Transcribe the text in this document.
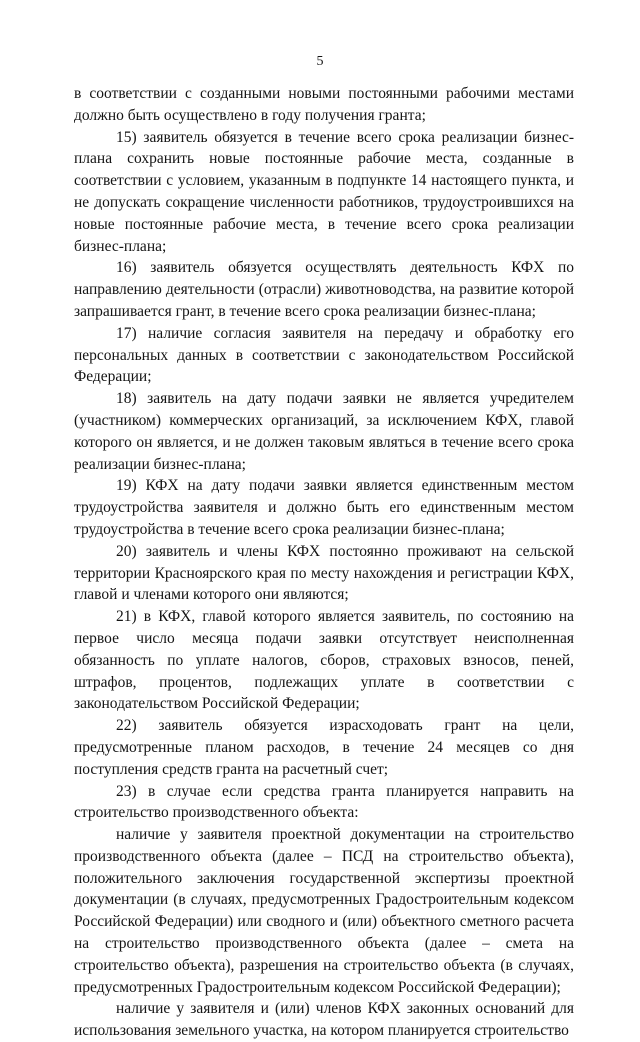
5

в соответствии с созданными новыми постоянными рабочими местами должно быть осуществлено в году получения гранта;

15) заявитель обязуется в течение всего срока реализации бизнес-плана сохранить новые постоянные рабочие места, созданные в соответствии с условием, указанным в подпункте 14 настоящего пункта, и не допускать сокращение численности работников, трудоустроившихся на новые постоянные рабочие места, в течение всего срока реализации бизнес-плана;

16) заявитель обязуется осуществлять деятельность КФХ по направлению деятельности (отрасли) животноводства, на развитие которой запрашивается грант, в течение всего срока реализации бизнес-плана;

17) наличие согласия заявителя на передачу и обработку его персональных данных в соответствии с законодательством Российской Федерации;

18) заявитель на дату подачи заявки не является учредителем (участником) коммерческих организаций, за исключением КФХ, главой которого он является, и не должен таковым являться в течение всего срока реализации бизнес-плана;

19) КФХ на дату подачи заявки является единственным местом трудоустройства заявителя и должно быть его единственным местом трудоустройства в течение всего срока реализации бизнес-плана;

20) заявитель и члены КФХ постоянно проживают на сельской территории Красноярского края по месту нахождения и регистрации КФХ, главой и членами которого они являются;

21) в КФХ, главой которого является заявитель, по состоянию на первое число месяца подачи заявки отсутствует неисполненная обязанность по уплате налогов, сборов, страховых взносов, пеней, штрафов, процентов, подлежащих уплате в соответствии с законодательством Российской Федерации;

22) заявитель обязуется израсходовать грант на цели, предусмотренные планом расходов, в течение 24 месяцев со дня поступления средств гранта на расчетный счет;

23) в случае если средства гранта планируется направить на строительство производственного объекта:

наличие у заявителя проектной документации на строительство производственного объекта (далее – ПСД на строительство объекта), положительного заключения государственной экспертизы проектной документации (в случаях, предусмотренных Градостроительным кодексом Российской Федерации) или сводного и (или) объектного сметного расчета на строительство производственного объекта (далее – смета на строительство объекта), разрешения на строительство объекта (в случаях, предусмотренных Градостроительным кодексом Российской Федерации);

наличие у заявителя и (или) членов КФХ законных оснований для использования земельного участка, на котором планируется строительство
